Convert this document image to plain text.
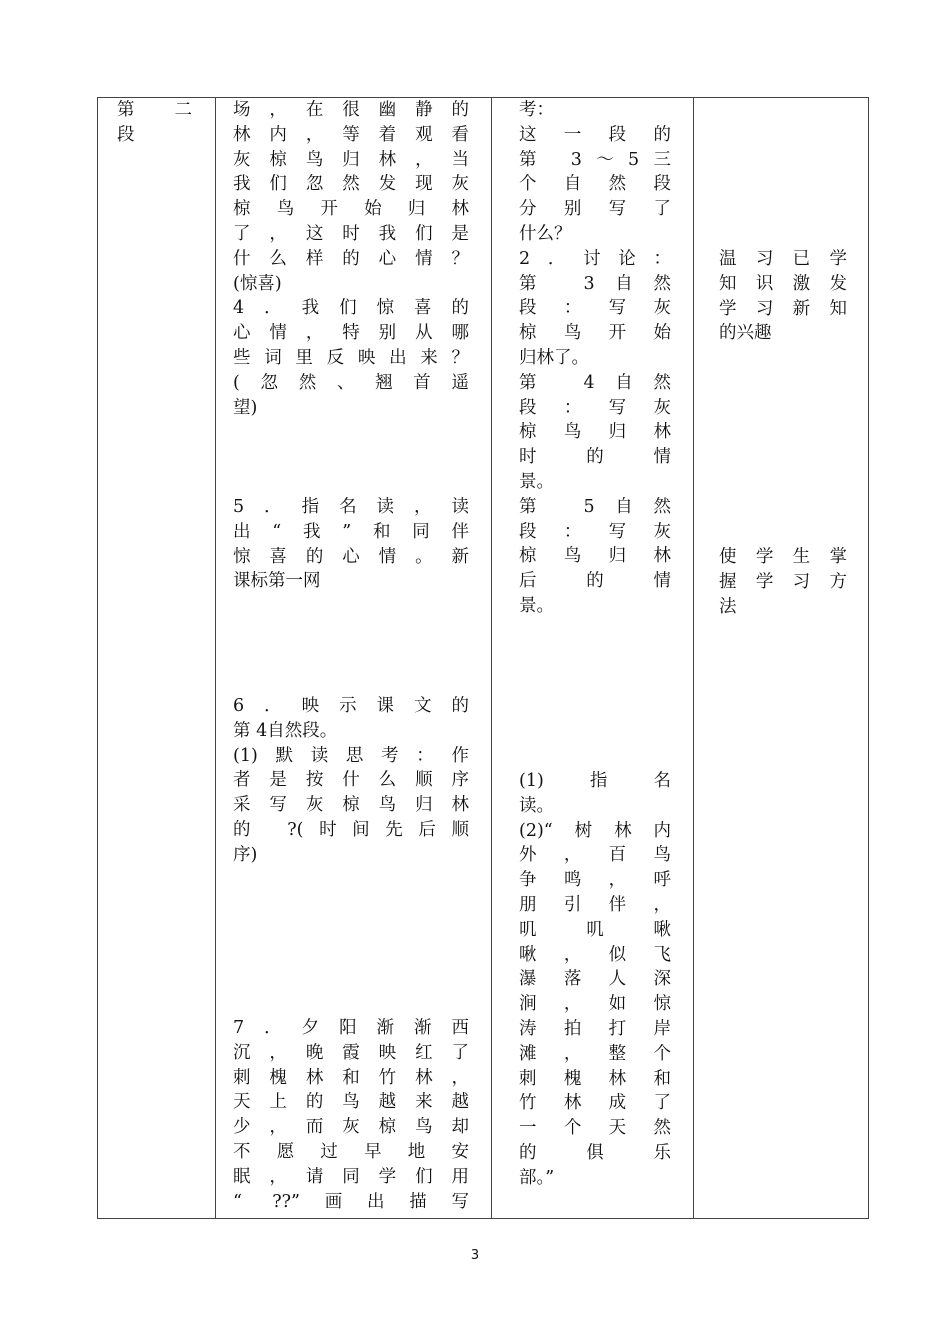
第二
段
场，在很幽静的
林内，等着观看
灰椋鸟归林，当
我们忽然发现灰
椋鸟开始归林
了，这时我们是
什么样的心情？
(惊喜)
4．我们惊喜的
心情，特别从哪
些词里反映出来？
(忽然、翘首遥
望)
5．指名读，读
出“我”和同伴
惊喜的心情。新
课标第一网
6．映示课文的
第 4自然段。
(1)默读思考：作
者是按什么顺序
采写灰椋鸟归林
的 ?(时间先后顺
序)
7．夕阳渐渐西
沉，晚霞映红了
刺槐林和竹林，
天上的鸟越来越
少，而灰椋鸟却
不愿过早地安
眠，请同学们用
“ ??”画出描写
考：
这一段的
第 3～5三
个自然段
分别写了
什么？
2．讨论：
第 3自然
段：写灰
椋鸟开始
归林了。
第 4自然
段：写灰
椋鸟归林
时的情
景。
第 5自然
段：写灰
椋鸟归林
后的情
景。
(1)指名
读。
(2)“树林内
外，百鸟
争鸣，呼
朋引伴，
叽叽啾
啾，似飞
瀑落人深
涧，如惊
涛拍打岸
滩，整个
刺槐林和
竹林成了
一个天然
的俱乐
部。”
温习已学
知识激发
学习新知
的兴趣
使学生掌
握学习方
法
3
